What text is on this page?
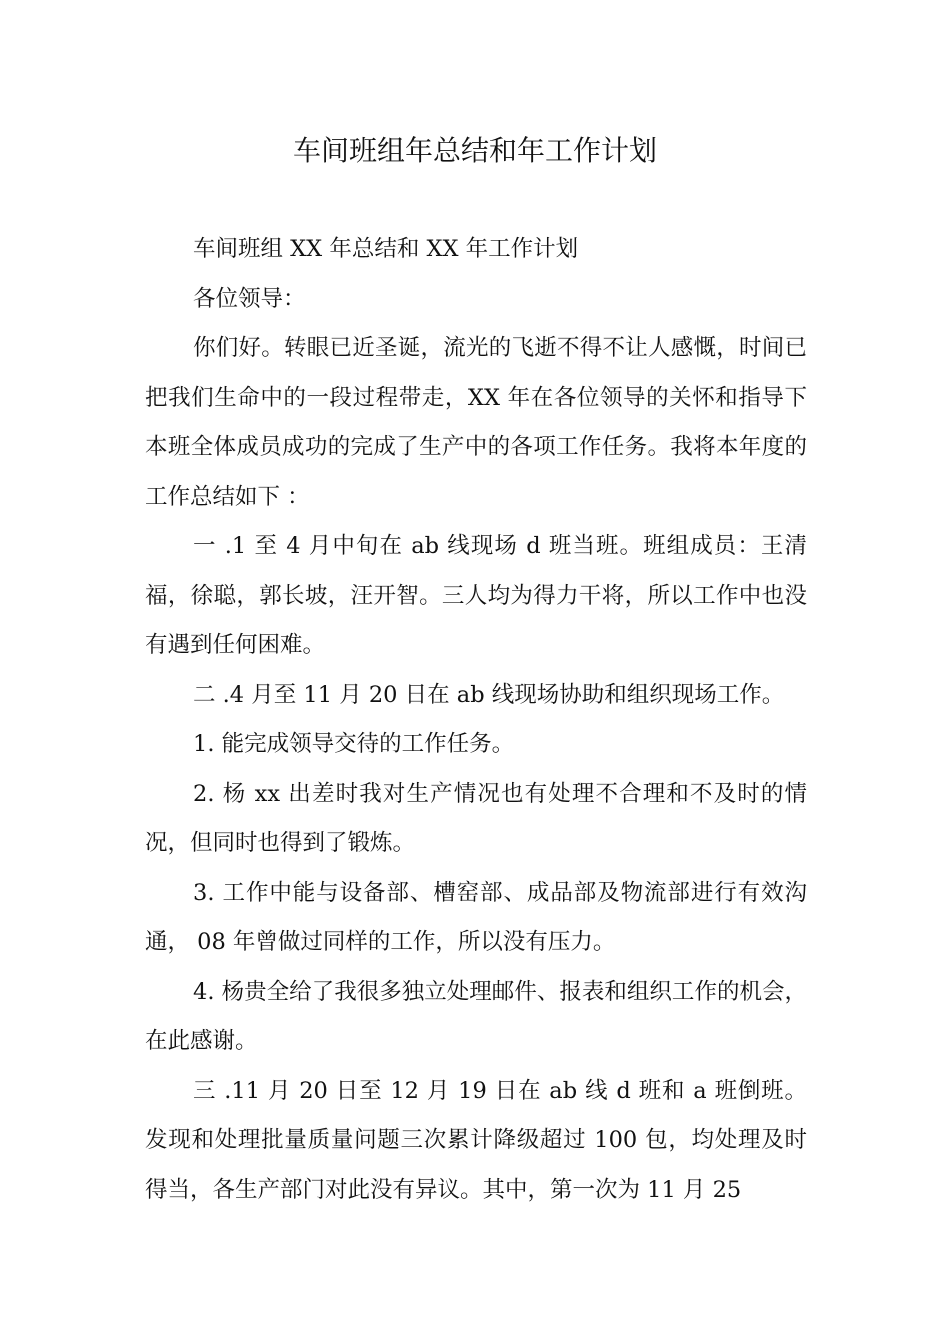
车间班组年总结和年工作计划

车间班组 XX 年总结和 XX 年工作计划

各位领导：

你们好。转眼已近圣诞，流光的飞逝不得不让人感慨，时间已把我们生命中的一段过程带走，XX 年在各位领导的关怀和指导下本班全体成员成功的完成了生产中的各项工作任务。我将本年度的工作总结如下 ：

一 .1 至 4 月中旬在 ab 线现场 d 班当班。班组成员：王清福，徐聪，郭长坡，汪开智。三人均为得力干将，所以工作中也没有遇到任何困难。

二 .4 月至 11 月 20 日在 ab 线现场协助和组织现场工作。

1. 能完成领导交待的工作任务。

2. 杨 xx 出差时我对生产情况也有处理不合理和不及时的情况，但同时也得到了锻炼。

3. 工作中能与设备部、槽窑部、成品部及物流部进行有效沟通， 08 年曾做过同样的工作，所以没有压力。

4. 杨贵全给了我很多独立处理邮件、报表和组织工作的机会，在此感谢。

三 .11 月 20 日至 12 月 19 日在 ab 线 d 班和 a 班倒班。发现和处理批量质量问题三次累计降级超过 100 包，均处理及时得当，各生产部门对此没有异议。其中，第一次为 11 月 25
